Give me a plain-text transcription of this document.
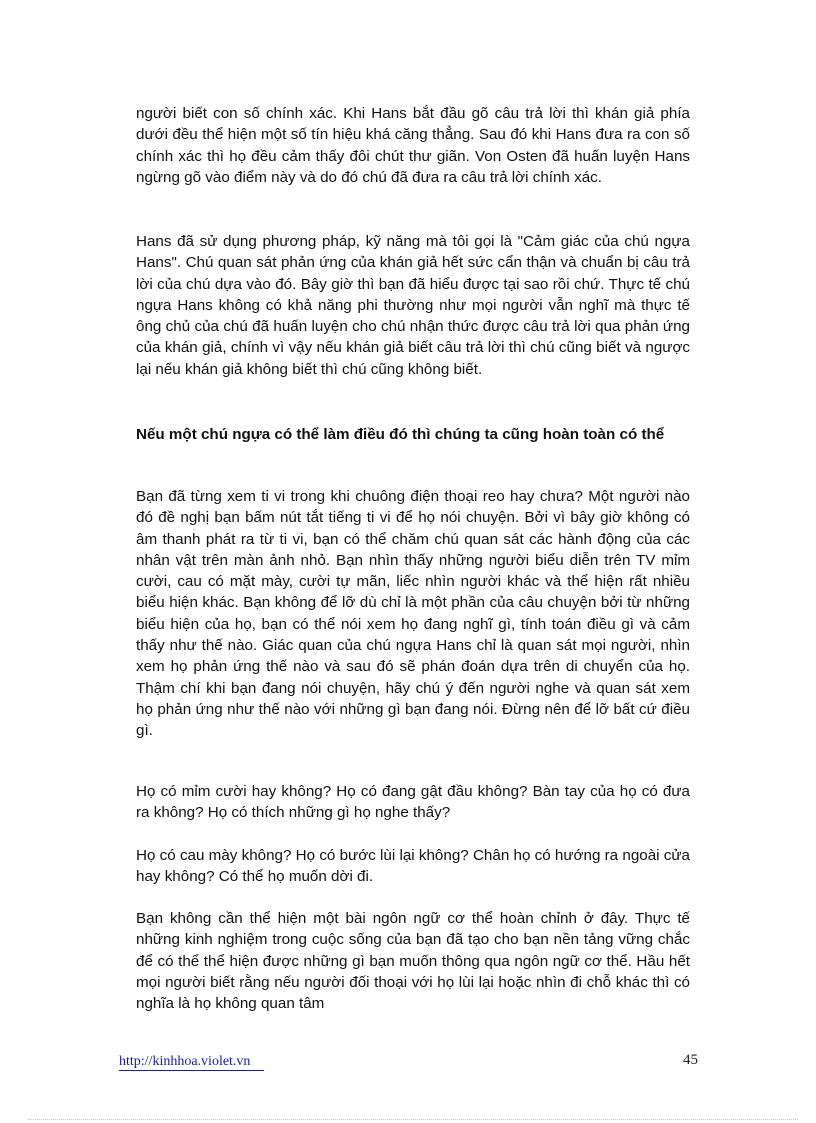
người biết con số chính xác. Khi Hans bắt đầu gõ câu trả lời thì khán giả phía dưới đều thể hiện một số tín hiệu khá căng thẳng. Sau đó khi Hans đưa ra con số chính xác thì họ đều cảm thấy đôi chút thư giãn. Von Osten đã huấn luyện Hans ngừng gõ vào điểm này và do đó chú đã đưa ra câu trả lời chính xác.

Hans đã sử dụng phương pháp, kỹ năng mà tôi gọi là "Cảm giác của chú ngựa Hans". Chú quan sát phản ứng của khán giả hết sức cẩn thận và chuẩn bị câu trả lời của chú dựa vào đó. Bây giờ thì bạn đã hiểu được tại sao rồi chứ. Thực tế chú ngựa Hans không có khả năng phi thường như mọi người vẫn nghĩ mà thực tế ông chủ của chú đã huấn luyện cho chú nhận thức được câu trả lời qua phản ứng của khán giả, chính vì vậy nếu khán giả biết câu trả lời thì chú cũng biết và ngược lại nếu khán giả không biết thì chú cũng không biết.

Nếu một chú ngựa có thể làm điều đó thì chúng ta cũng hoàn toàn có thể

Bạn đã từng xem ti vi trong khi chuông điện thoại reo hay chưa? Một người nào đó đề nghị bạn bấm nút tắt tiếng ti vi để họ nói chuyện. Bởi vì bây giờ không có âm thanh phát ra từ ti vi, bạn có thể chăm chú quan sát các hành động của các nhân vật trên màn ảnh nhỏ. Bạn nhìn thấy những người biểu diễn trên TV mỉm cười, cau có mặt mày, cười tự mãn, liếc nhìn người khác và thể hiện rất nhiều biểu hiện khác. Bạn không để lỡ dù chỉ là một phần của câu chuyện bởi từ những biểu hiện của họ, bạn có thể nói xem họ đang nghĩ gì, tính toán điều gì và cảm thấy như thế nào. Giác quan của chú ngựa Hans chỉ là quan sát mọi người, nhìn xem họ phản ứng thế nào và sau đó sẽ phán đoán dựa trên di chuyển của họ. Thậm chí khi bạn đang nói chuyện, hãy chú ý đến người nghe và quan sát xem họ phản ứng như thế nào với những gì bạn đang nói. Đừng nên để lỡ bất cứ điều gì.

Họ có mỉm cười hay không? Họ có đang gật đầu không? Bàn tay của họ có đưa ra không? Họ có thích những gì họ nghe thấy?

Họ có cau mày không? Họ có bước lùi lại không? Chân họ có hướng ra ngoài cửa hay không? Có thể họ muốn dời đi.

Bạn không cần thể hiện một bài ngôn ngữ cơ thể hoàn chỉnh ở đây. Thực tế những kinh nghiệm trong cuộc sống của bạn đã tạo cho bạn nền tảng vững chắc để có thể thể hiện được những gì bạn muốn thông qua ngôn ngữ cơ thể. Hầu hết mọi người biết rằng nếu người đối thoại với họ lùi lại hoặc nhìn đi chỗ khác thì có nghĩa là họ không quan tâm

http://kinhhoa.violet.vn	45
